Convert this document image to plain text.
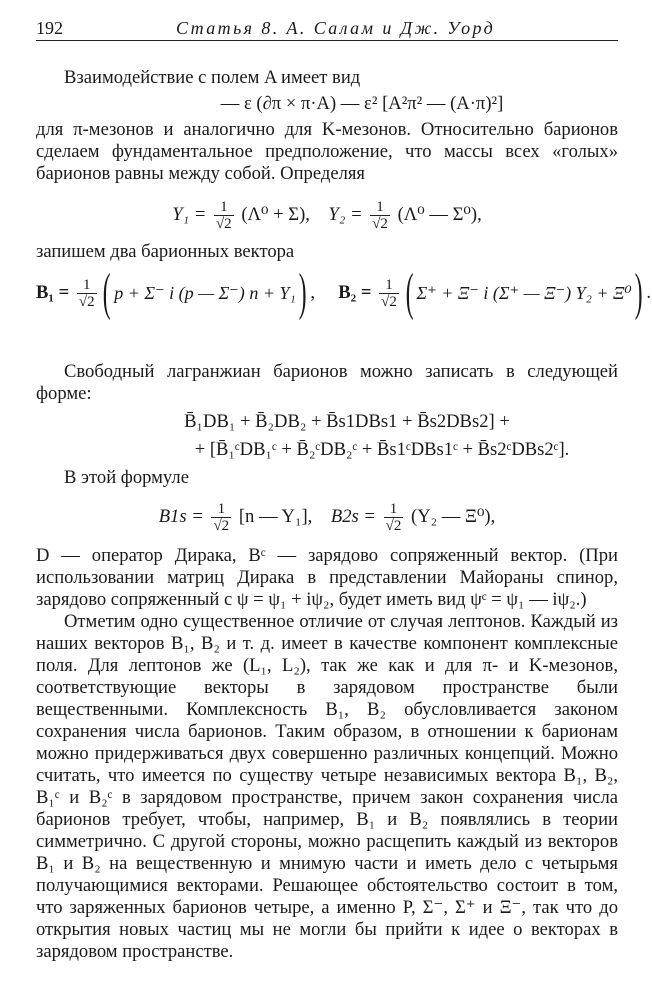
192	Статья 8. А. Салам и Дж. Уорд

Взаимодействие с полем A имеет вид

— ε (∂π × π·A) — ε² [A²π² — (A·π)²]

для π-мезонов и аналогично для K-мезонов. Относительно барионов сделаем фундаментальное предположение, что массы всех «голых» барионов равны между собой. Определяя

$Y_1 = \frac{1}{√2} (\Lambda^0 + \Sigma)$, $Y_2 = \frac{1}{√2} (\Lambda^0$ — Σ⁰),

запишем два барионных вектора

$B_1 = \frac{1}{√2}$ ( p + Σ⁻ i (p — Σ⁻) n + Y₁ ) , $B_2 = \frac{1}{√2}$ ( Σ⁺ + Ξ⁻ i (Σ⁺ — Ξ⁻) Y₂ + Ξ⁰ ) .

Свободный лагранжиан барионов можно записать в следующей форме:

B̄₁DB₁ + B̄₂DB₂ + B̄s1DBs1 + B̄s2DBs2] +

+ [B̄₁ᶜDB₁ᶜ + B̄₂ᶜDB₂ᶜ + B̄s1ᶜDBs1ᶜ + B̄s2ᶜDBs2ᶜ].

В этой формуле

$B1s = \frac{1}{√2} [n$ — Y₁], $B2s = \frac{1}{√2} (Y_2$ — Ξ⁰),

D — оператор Дирака, Bᶜ — зарядово сопряженный вектор. (При использовании матриц Дирака в представлении Майораны спинор, зарядово сопряженный с ψ = ψ₁ + iψ₂, будет иметь вид ψᶜ = ψ₁ — iψ₂.)

Отметим одно существенное отличие от случая лептонов. Каждый из наших векторов B₁, B₂ и т. д. имеет в качестве компонент комплексные поля. Для лептонов же (L₁, L₂), так же как и для π- и K-мезонов, соответствующие векторы в зарядовом пространстве были вещественными. Комплексность B₁, B₂ обусловливается законом сохранения числа барионов. Таким образом, в отношении к барионам можно придерживаться двух совершенно различных концепций. Можно считать, что имеется по существу четыре независимых вектора B₁, B₂, B₁ᶜ и B₂ᶜ в зарядовом пространстве, причем закон сохранения числа барионов требует, чтобы, например, B₁ и B₂ появлялись в теории симметрично. С другой стороны, можно расщепить каждый из векторов B₁ и B₂ на вещественную и мнимую части и иметь дело с четырьмя получающимися векторами. Решающее обстоятельство состоит в том, что заряженных барионов четыре, а именно P, Σ⁻, Σ⁺ и Ξ⁻, так что до открытия новых частиц мы не могли бы прийти к идее о векторах в зарядовом пространстве.
